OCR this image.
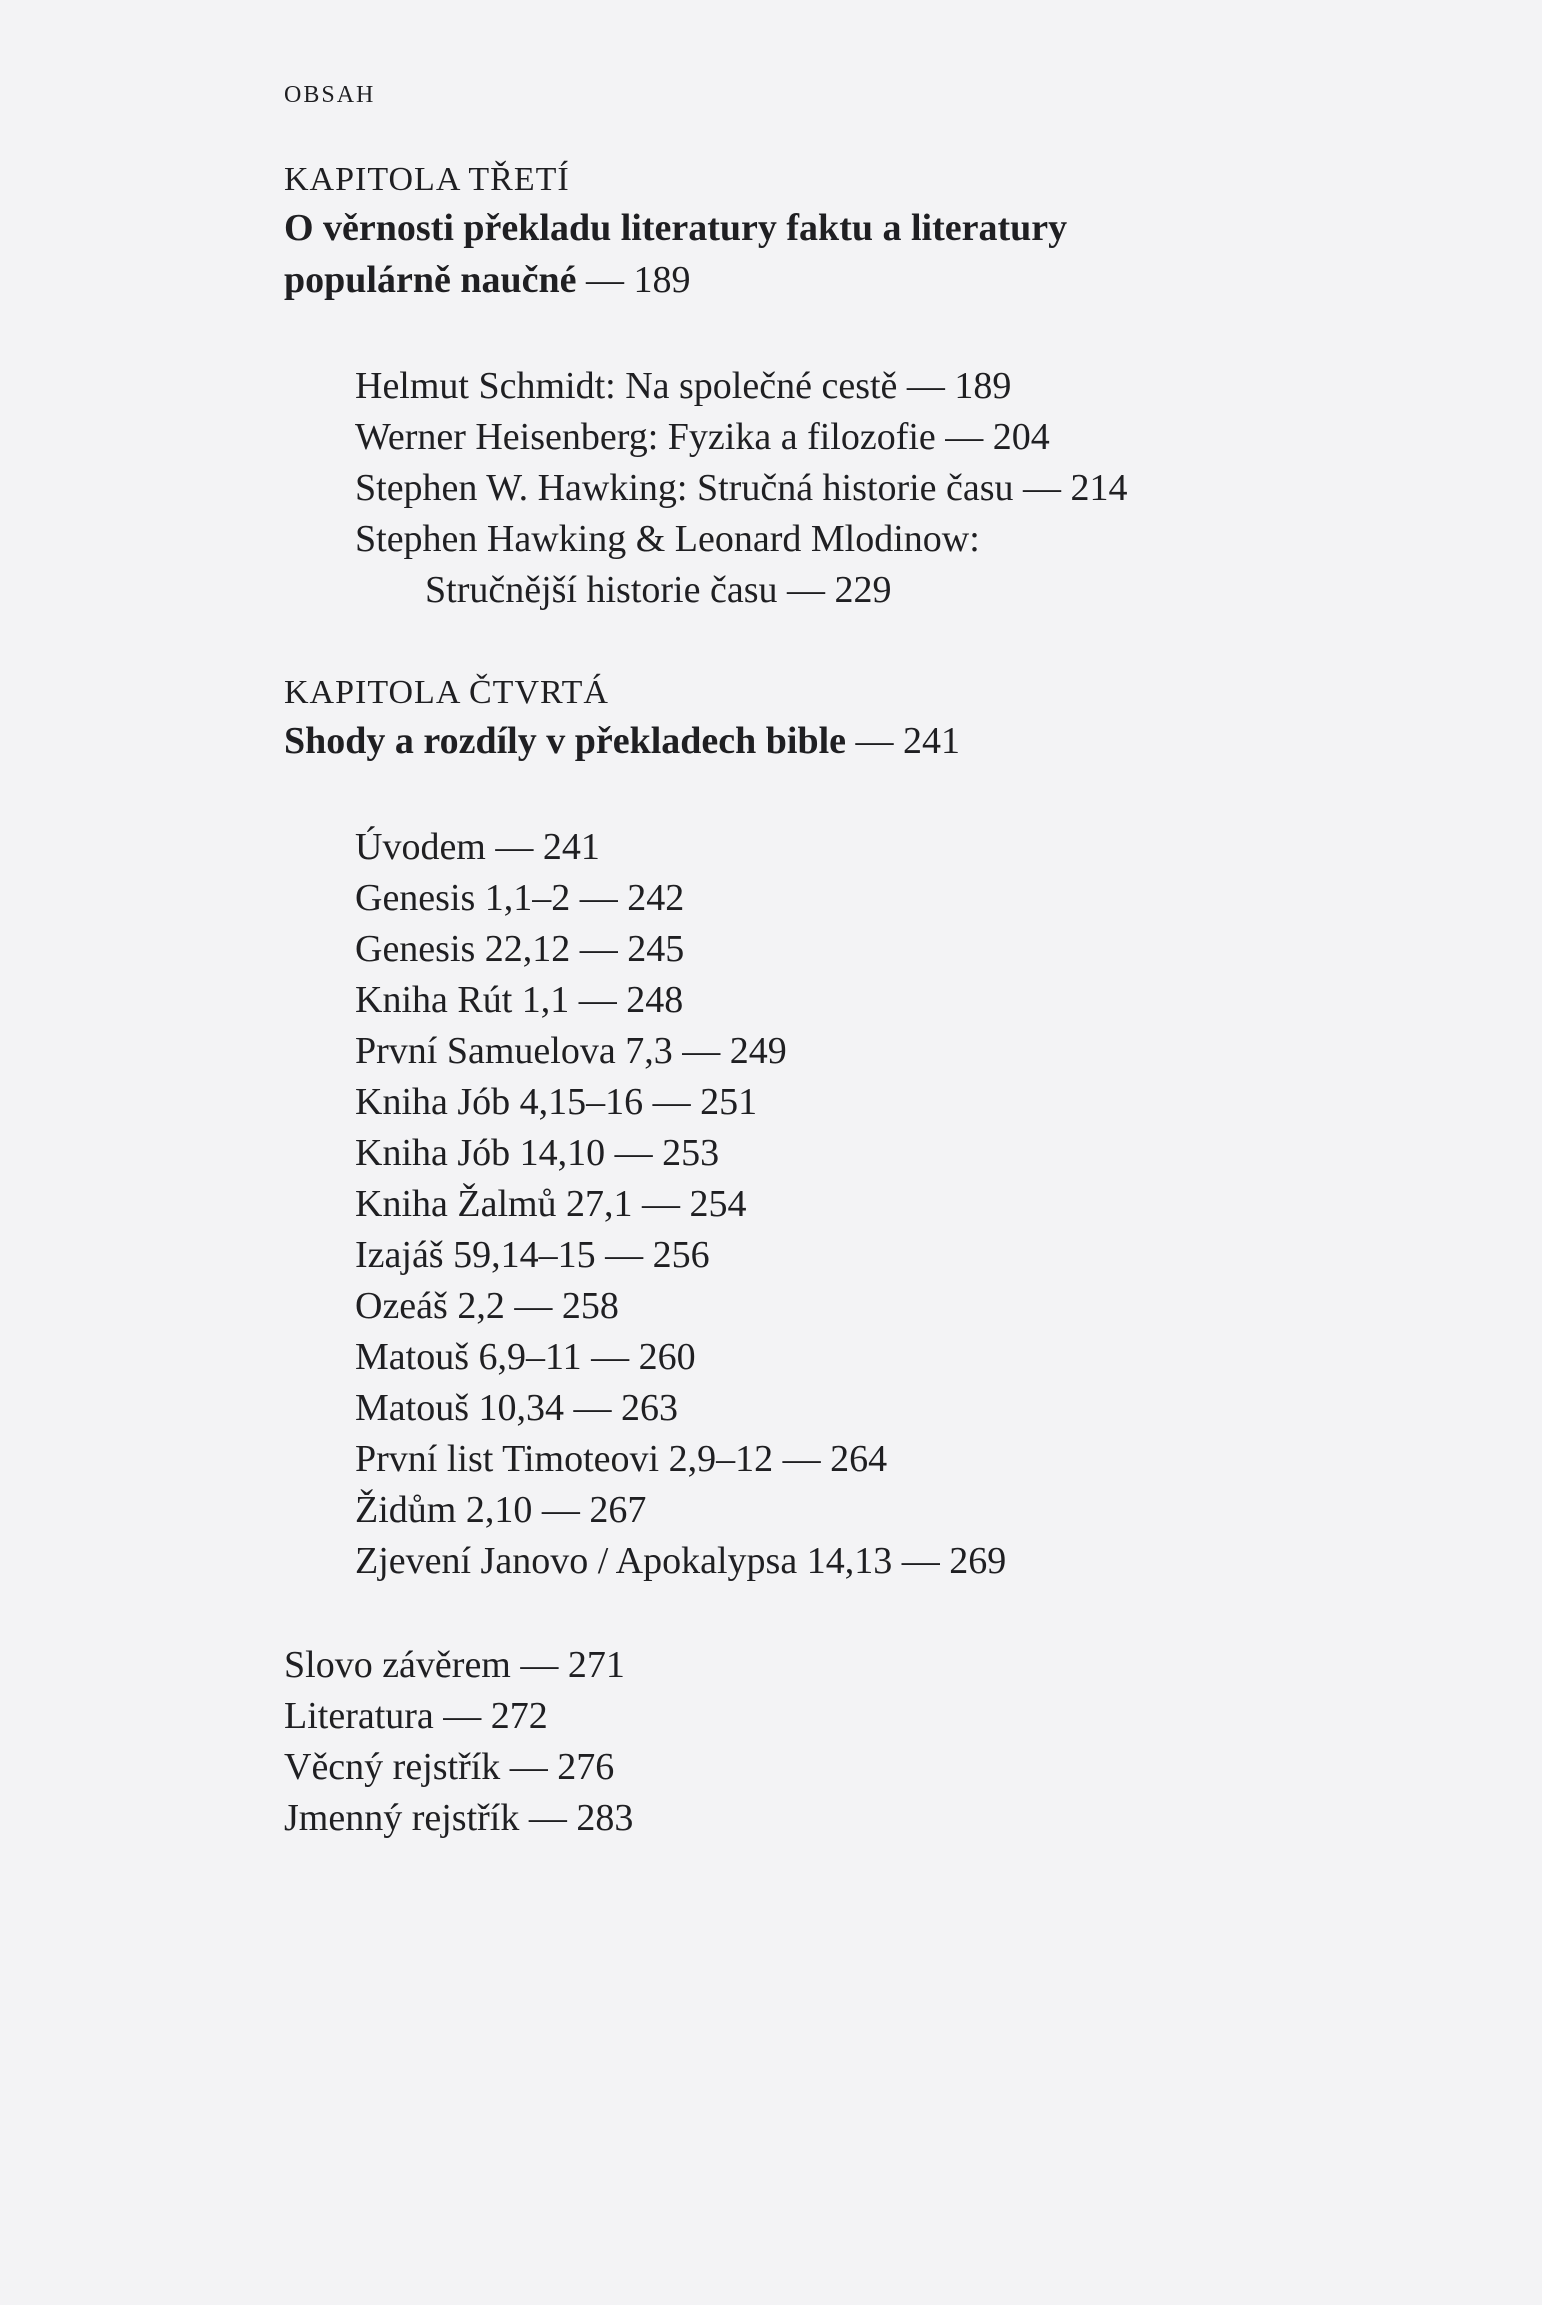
OBSAH
KAPITOLA TŘETÍ
O věrnosti překladu literatury faktu a literatury
populárně naučné — 189
Helmut Schmidt: Na společné cestě — 189
Werner Heisenberg: Fyzika a filozofie — 204
Stephen W. Hawking: Stručná historie času — 214
Stephen Hawking & Leonard Mlodinow:
Stručnější historie času — 229
KAPITOLA ČTVRTÁ
Shody a rozdíly v překladech bible — 241
Úvodem — 241
Genesis 1,1–2 — 242
Genesis 22,12 — 245
Kniha Rút 1,1 — 248
První Samuelova 7,3 — 249
Kniha Jób 4,15–16 — 251
Kniha Jób 14,10 — 253
Kniha Žalmů 27,1 — 254
Izajáš 59,14–15 — 256
Ozeáš 2,2 — 258
Matouš 6,9–11 — 260
Matouš 10,34 — 263
První list Timoteovi 2,9–12 — 264
Židům 2,10 — 267
Zjevení Janovo / Apokalypsa 14,13 — 269
Slovo závěrem — 271
Literatura — 272
Věcný rejstřík — 276
Jmenný rejstřík — 283
